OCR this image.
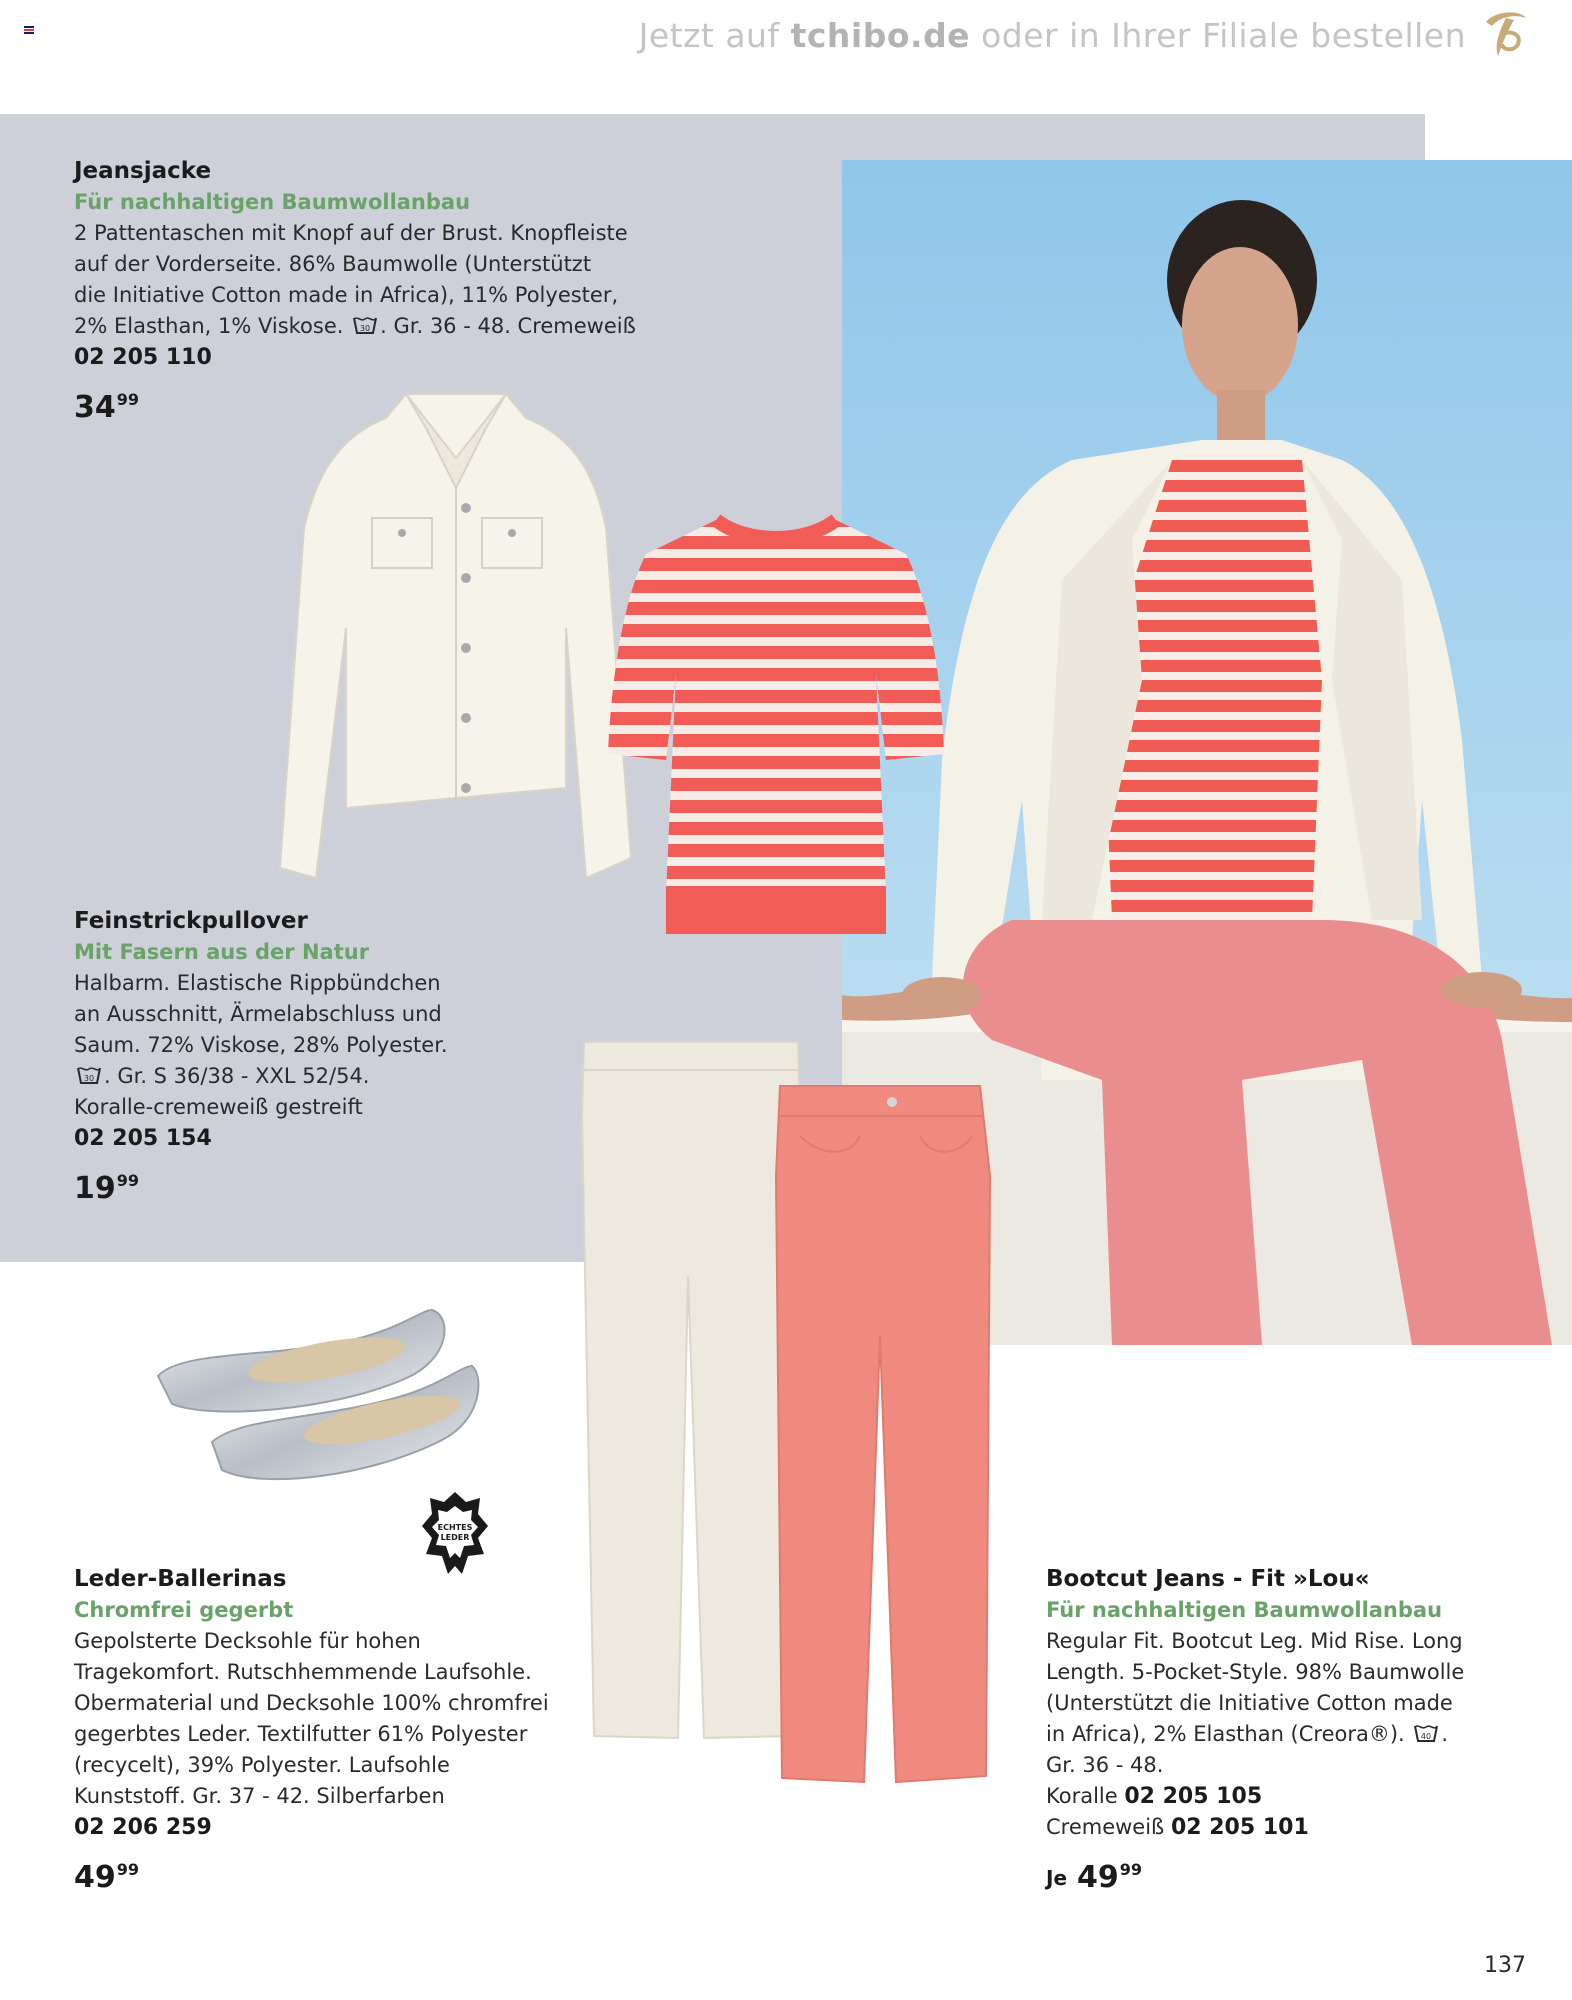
Jetzt auf tchibo.de oder in Ihrer Filiale bestellen
ECHTES
LEDER
Jeansjacke
Für nachhaltigen Baumwollanbau
2 Pattentaschen mit Knopf auf der Brust. Knopfleiste
auf der Vorderseite. 86% Baumwolle (Unterstützt
die Initiative Cotton made in Africa), 11% Polyester,
2% Elasthan, 1% Viskose. 30 . Gr. 36 - 48. Cremeweiß
02 205 110
$34^{99}$
Feinstrickpullover
Mit Fasern aus der Natur
Halbarm. Elastische Rippbündchen
an Ausschnitt, Ärmelabschluss und
Saum. 72% Viskose, 28% Polyester.
30 . Gr. S 36/38 - XXL 52/54.
Koralle-cremeweiß gestreift
02 205 154
$19^{99}$
Leder-Ballerinas
Chromfrei gegerbt
Gepolsterte Decksohle für hohen
Tragekomfort. Rutschhemmende Laufsohle.
Obermaterial und Decksohle 100% chromfrei
gegerbtes Leder. Textilfutter 61% Polyester
(recycelt), 39% Polyester. Laufsohle
Kunststoff. Gr. 37 - 42. Silberfarben
02 206 259
$49^{99}$
Bootcut Jeans - Fit »Lou«
Für nachhaltigen Baumwollanbau
Regular Fit. Bootcut Leg. Mid Rise. Long
Length. 5-Pocket-Style. 98% Baumwolle
(Unterstützt die Initiative Cotton made
in Africa), 2% Elasthan (Creora®). 40 .
Gr. 36 - 48.
Koralle 02 205 105
Cremeweiß 02 205 101
Je $49^{99}$
137
